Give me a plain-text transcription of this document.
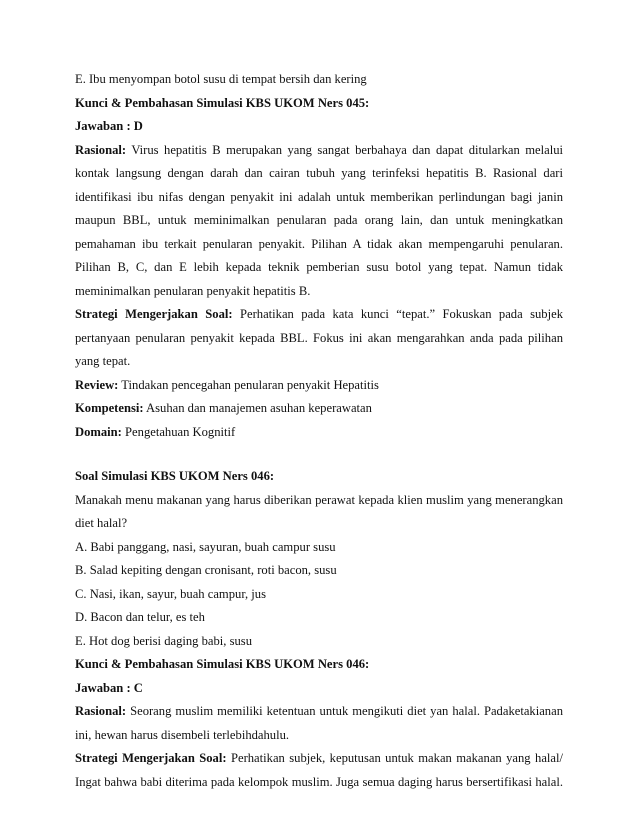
E. Ibu menyompan botol susu di tempat bersih dan kering
Kunci & Pembahasan Simulasi KBS UKOM Ners 045:
Jawaban : D
Rasional: Virus hepatitis B merupakan yang sangat berbahaya dan dapat ditularkan melalui
kontak langsung dengan darah dan cairan tubuh yang terinfeksi hepatitis B. Rasional dari
identifikasi ibu nifas dengan penyakit ini adalah untuk memberikan perlindungan bagi janin
maupun BBL, untuk meminimalkan penularan pada orang lain, dan untuk meningkatkan
pemahaman ibu terkait penularan penyakit. Pilihan A tidak akan mempengaruhi penularan.
Pilihan B, C, dan E lebih kepada teknik pemberian susu botol yang tepat. Namun tidak
meminimalkan penularan penyakit hepatitis B.
Strategi Mengerjakan Soal: Perhatikan pada kata kunci “tepat.” Fokuskan pada subjek
pertanyaan penularan penyakit kepada BBL. Fokus ini akan mengarahkan anda pada pilihan
yang tepat.
Review: Tindakan pencegahan penularan penyakit Hepatitis
Kompetensi: Asuhan dan manajemen asuhan keperawatan
Domain: Pengetahuan Kognitif
Soal Simulasi KBS UKOM Ners 046:
Manakah menu makanan yang harus diberikan perawat kepada klien muslim yang menerangkan
diet halal?
A. Babi panggang, nasi, sayuran, buah campur susu
B. Salad kepiting dengan cronisant, roti bacon, susu
C. Nasi, ikan, sayur, buah campur, jus
D. Bacon dan telur, es teh
E. Hot dog berisi daging babi, susu
Kunci & Pembahasan Simulasi KBS UKOM Ners 046:
Jawaban : C
Rasional: Seorang muslim memiliki ketentuan untuk mengikuti diet yan halal. Padaketakianan
ini, hewan harus disembeli terlebihdahulu.
Strategi Mengerjakan Soal: Perhatikan subjek, keputusan untuk makan makanan yang halal/
Ingat bahwa babi diterima pada kelompok muslim. Juga semua daging harus bersertifikasi halal.
